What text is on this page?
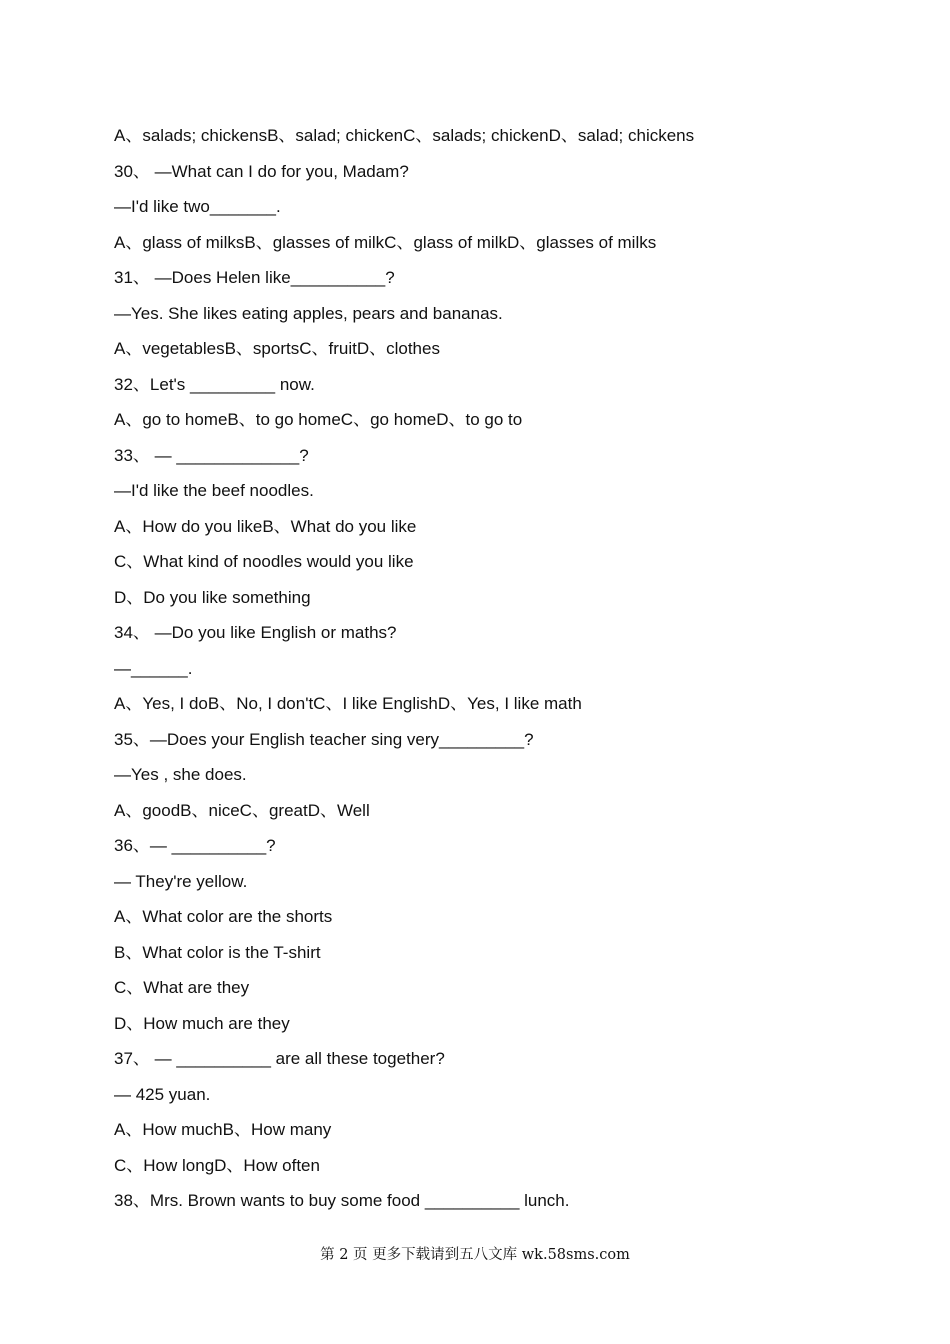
A、salads; chickensB、salad; chickenC、salads; chickenD、salad; chickens
30、 —What can I do for you, Madam?
—I'd like two_______.
A、glass of milksB、glasses of milkC、glass of milkD、glasses of milks
31、 —Does Helen like__________?
—Yes. She likes eating apples, pears and bananas.
A、vegetablesB、sportsC、fruitD、clothes
32、Let's _________ now.
A、go to homeB、to go homeC、go homeD、to go to
33、 — _____________?
—I'd like the beef noodles.
A、How do you likeB、What do you like
C、What kind of noodles would you like
D、Do you like something
34、 —Do you like English or maths?
—______.
A、Yes, I doB、No, I don'tC、I like EnglishD、Yes, I like math
35、—Does your English teacher sing very_________?
—Yes , she does.
A、goodB、niceC、greatD、Well
36、— __________?
— They're yellow.
A、What color are the shorts
B、What color is the T-shirt
C、What are they
D、How much are they
37、 — __________ are all these together?
— 425 yuan.
A、How muchB、How many
C、How longD、How often
38、Mrs. Brown wants to buy some food __________ lunch.
第 2 页 更多下载请到五八文库 wk.58sms.com
